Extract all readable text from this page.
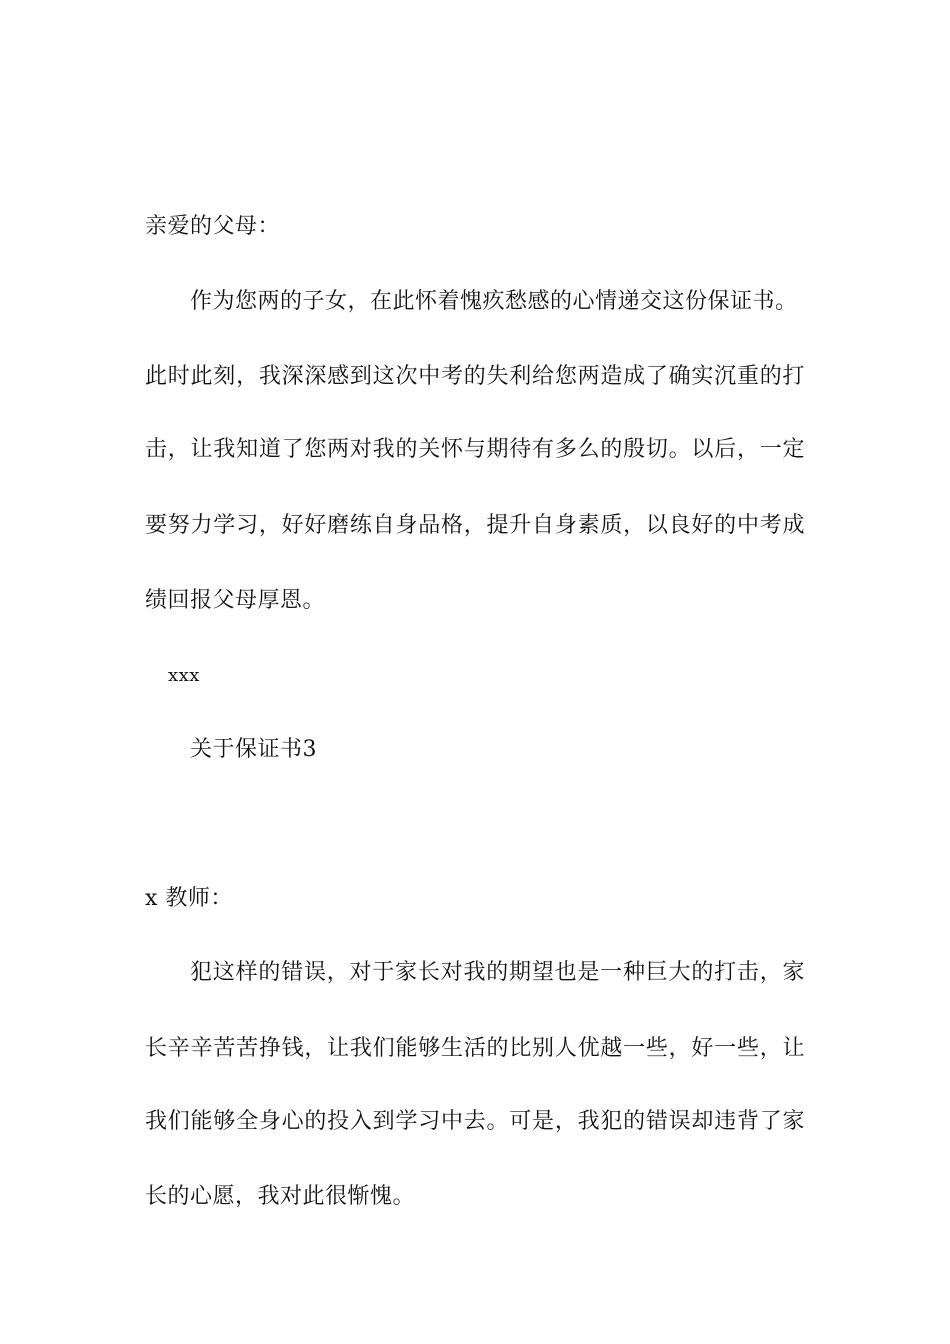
亲爱的父母：
作为您两的子女，在此怀着愧疚愁感的心情递交这份保证书。
此时此刻，我深深感到这次中考的失利给您两造成了确实沉重的打
击，让我知道了您两对我的关怀与期待有多么的殷切。以后，一定
要努力学习，好好磨练自身品格，提升自身素质，以良好的中考成
绩回报父母厚恩。
xxx
关于保证书3
x 教师：
犯这样的错误，对于家长对我的期望也是一种巨大的打击，家
长辛辛苦苦挣钱，让我们能够生活的比别人优越一些，好一些，让
我们能够全身心的投入到学习中去。可是，我犯的错误却违背了家
长的心愿，我对此很惭愧。
